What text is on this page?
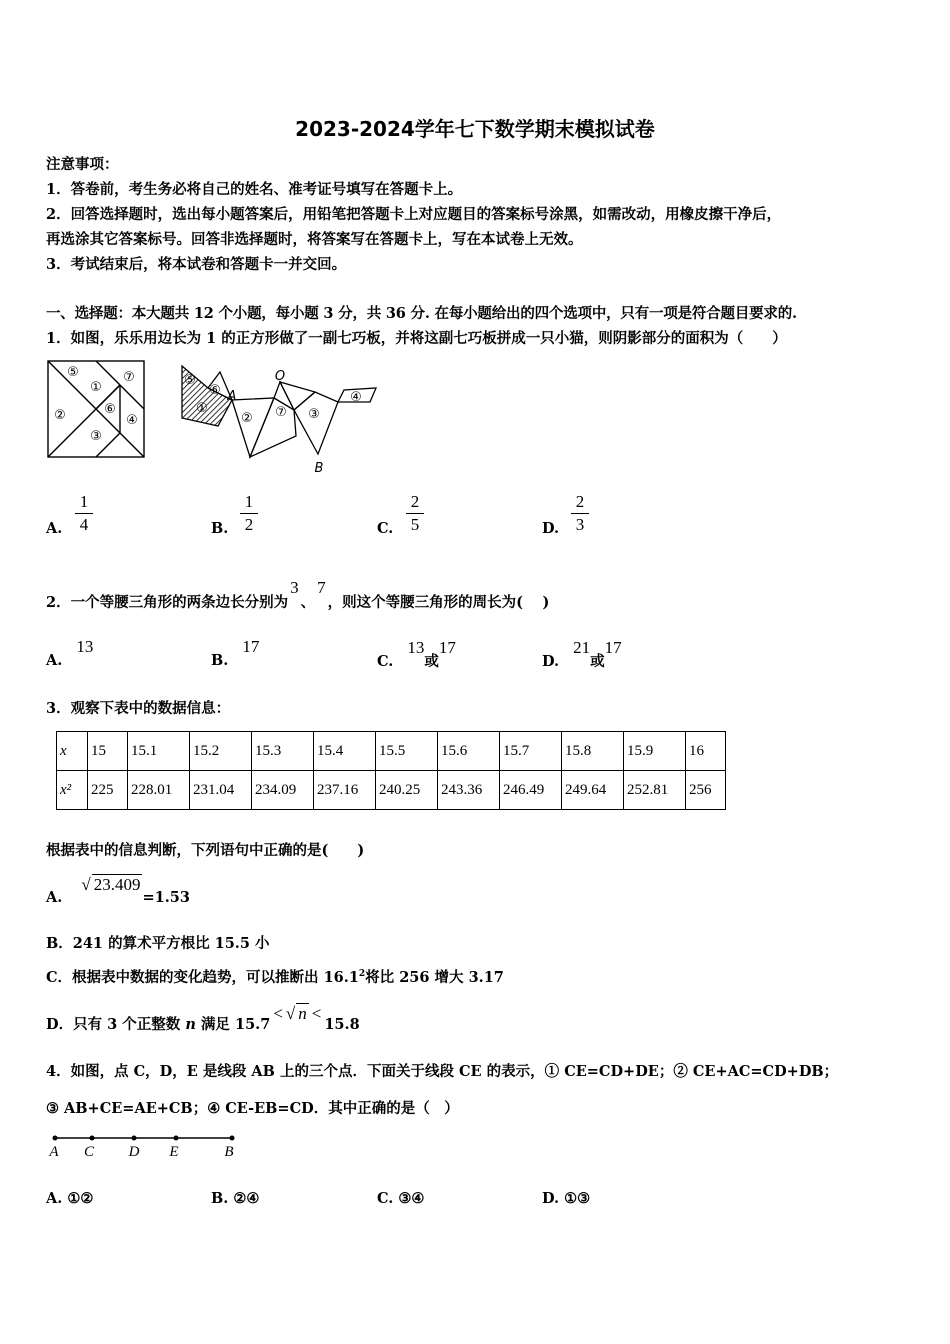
2023-2024学年七下数学期末模拟试卷
注意事项：
1．答卷前，考生务必将自己的姓名、准考证号填写在答题卡上。
2．回答选择题时，选出每小题答案后，用铅笔把答题卡上对应题目的答案标号涂黑，如需改动，用橡皮擦干净后，
再选涂其它答案标号。回答非选择题时，将答案写在答题卡上，写在本试卷上无效。
3．考试结束后，将本试卷和答题卡一并交回。
一、选择题：本大题共 12 个小题，每小题 3 分，共 36 分. 在每小题给出的四个选项中，只有一项是符合题目要求的.
1．如图，乐乐用边长为 1 的正方形做了一副七巧板，并将这副七巧板拼成一只小猫，则阴影部分的面积为（　　）
⑤
①
⑦
②	⑥
④
③
⑤
⑥
①
A
②
O
⑦ ③
④
B
A.
1
4	B.
1
2	C.
2
5	D.
2
3
2．一个等腰三角形的两条边长分别为3、7，则这个等腰三角形的周长为(　 )
A.13
B.17
C.13或17
D.21或17
3．观察下表中的数据信息：
x	15	15.1	15.2	15.3	15.4	15.5	15.6	15.7	15.8	15.9	16
x²	225	228.01	231.04	234.09	237.16	240.25	243.36	246.49	249.64	252.81	256
根据表中的信息判断，下列语句中正确的是(　　)
A. √ 23.409=1.53
B．241 的算术平方根比 15.5 小
C．根据表中数据的变化趋势，可以推断出 16.1$^2$将比 256 增大 3.17
D．只有 3 个正整数 n 满足 15.7< √ n <15.8
4．如图，点 C，D，E 是线段 AB 上的三个点．下面关于线段 CE 的表示，① CE=CD+DE；② CE+AC=CD+DB；
③ AB+CE=AE+CB；④ CE-EB=CD．其中正确的是（　）
A C D E	B
A. ①②	B. ②④	C. ③④	D. ①③
